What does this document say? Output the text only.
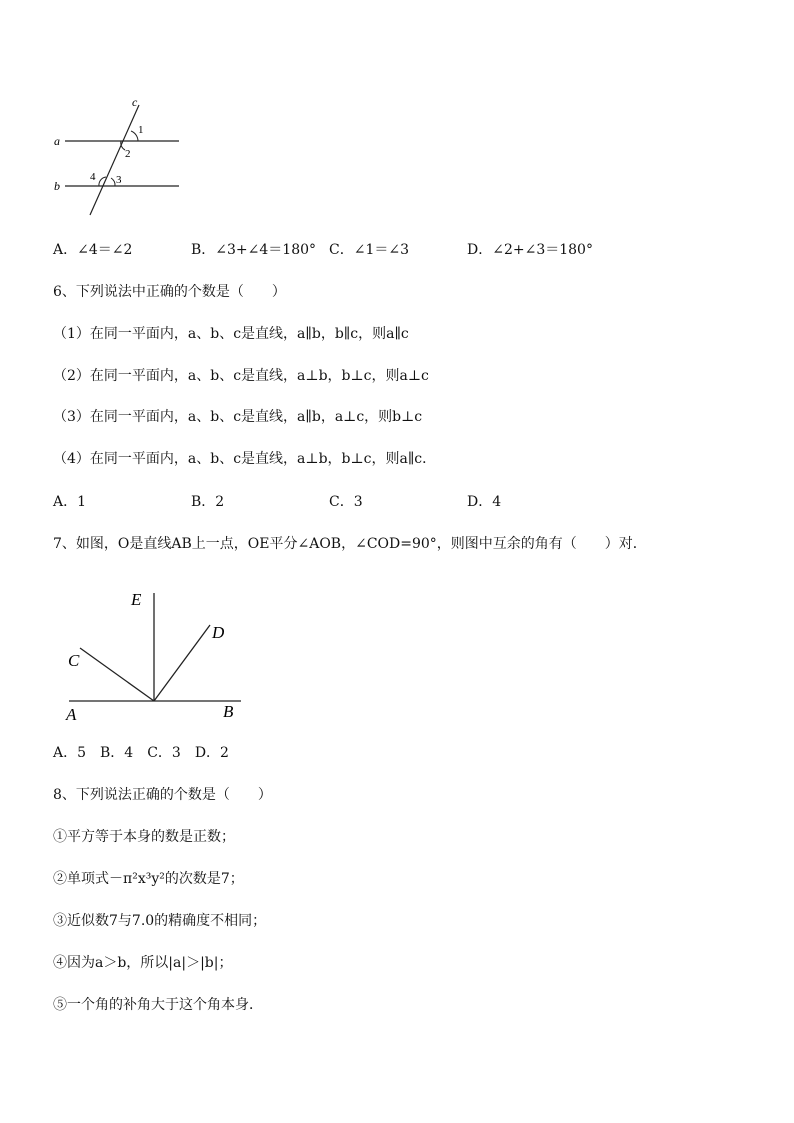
a
b
c
1
2
3
4
A．∠4＝∠2	B．∠3+∠4＝180° C．∠1＝∠3	D．∠2+∠3＝180°
6、下列说法中正确的个数是（　　）
（1）在同一平面内，a、b、c是直线，a∥b，b∥c，则a∥c
（2）在同一平面内，a、b、c是直线，a⊥b，b⊥c，则a⊥c
（3）在同一平面内，a、b、c是直线，a∥b，a⊥c，则b⊥c
（4）在同一平面内，a、b、c是直线，a⊥b，b⊥c，则a∥c．
A．1	B．2	C．3	D．4
7、如图，O是直线AB上一点，OE平分∠AOB，∠COD=90°，则图中互余的角有（　　）对．
E
D
C
A	B
A．5　B．4　C．3　D．2
8、下列说法正确的个数是（　　）
①平方等于本身的数是正数；
②单项式－π²x³y²的次数是7；
③近似数7与7.0的精确度不相同；
④因为a＞b，所以|a|＞|b|；
⑤一个角的补角大于这个角本身．
